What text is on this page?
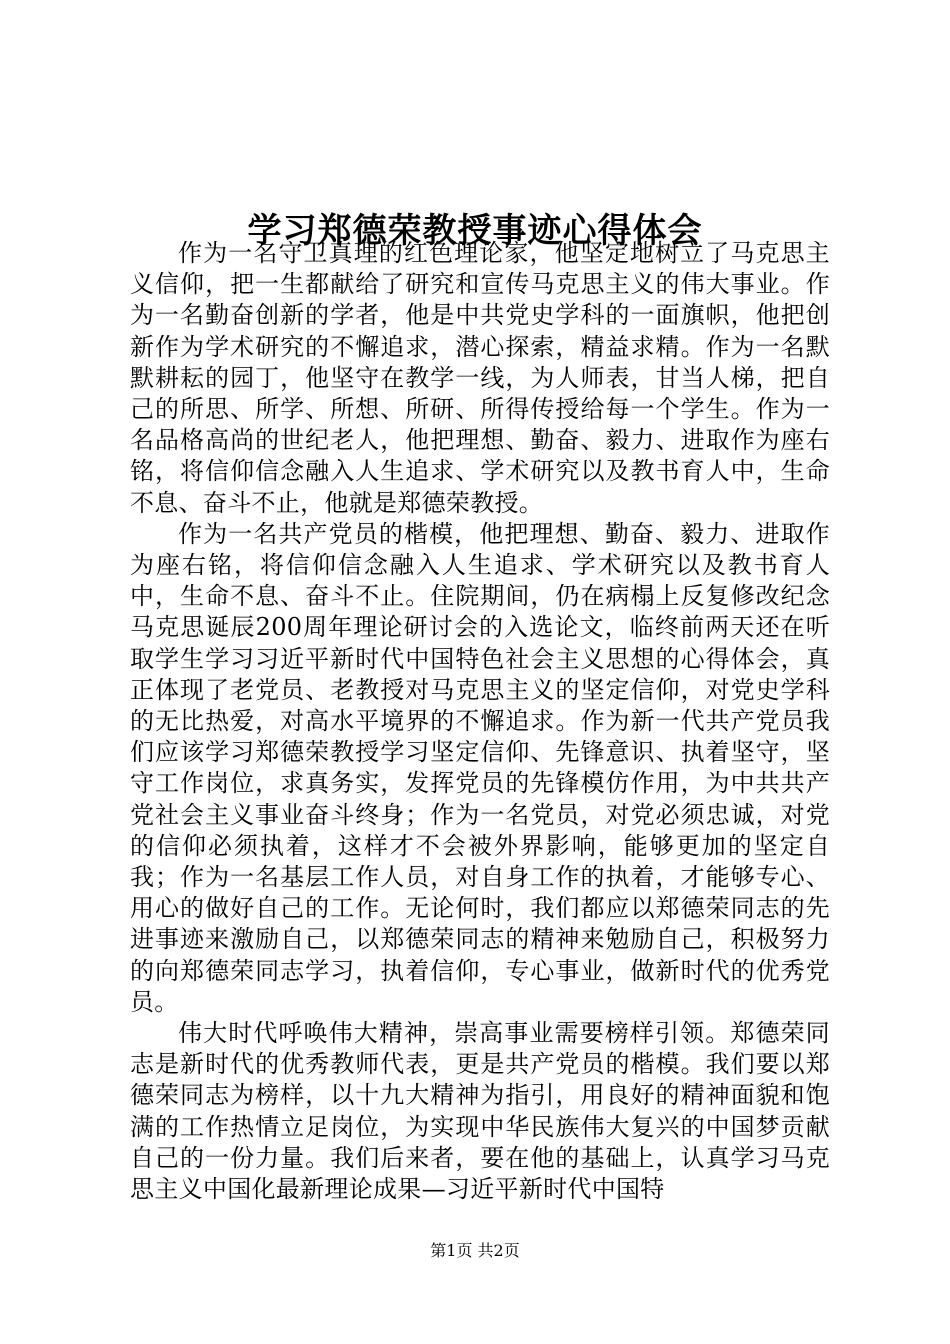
学习郑德荣教授事迹心得体会

作为一名守卫真理的红色理论家，他坚定地树立了马克思主义信仰，把一生都献给了研究和宣传马克思主义的伟大事业。作为一名勤奋创新的学者，他是中共党史学科的一面旗帜，他把创新作为学术研究的不懈追求，潜心探索，精益求精。作为一名默默耕耘的园丁，他坚守在教学一线，为人师表，甘当人梯，把自己的所思、所学、所想、所研、所得传授给每一个学生。作为一名品格高尚的世纪老人，他把理想、勤奋、毅力、进取作为座右铭，将信仰信念融入人生追求、学术研究以及教书育人中，生命不息、奋斗不止，他就是郑德荣教授。

作为一名共产党员的楷模，他把理想、勤奋、毅力、进取作为座右铭，将信仰信念融入人生追求、学术研究以及教书育人中，生命不息、奋斗不止。住院期间，仍在病榻上反复修改纪念马克思诞辰200周年理论研讨会的入选论文，临终前两天还在听取学生学习习近平新时代中国特色社会主义思想的心得体会，真正体现了老党员、老教授对马克思主义的坚定信仰，对党史学科的无比热爱，对高水平境界的不懈追求。作为新一代共产党员我们应该学习郑德荣教授学习坚定信仰、先锋意识、执着坚守，坚守工作岗位，求真务实，发挥党员的先锋模仿作用，为中共共产党社会主义事业奋斗终身；作为一名党员，对党必须忠诚，对党的信仰必须执着，这样才不会被外界影响，能够更加的坚定自我；作为一名基层工作人员，对自身工作的执着，才能够专心、用心的做好自己的工作。无论何时，我们都应以郑德荣同志的先进事迹来激励自己，以郑德荣同志的精神来勉励自己，积极努力的向郑德荣同志学习，执着信仰，专心事业，做新时代的优秀党员。

伟大时代呼唤伟大精神，崇高事业需要榜样引领。郑德荣同志是新时代的优秀教师代表，更是共产党员的楷模。我们要以郑德荣同志为榜样，以十九大精神为指引，用良好的精神面貌和饱满的工作热情立足岗位，为实现中华民族伟大复兴的中国梦贡献自己的一份力量。我们后来者，要在他的基础上，认真学习马克思主义中国化最新理论成果—习近平新时代中国特

第1页 共2页
